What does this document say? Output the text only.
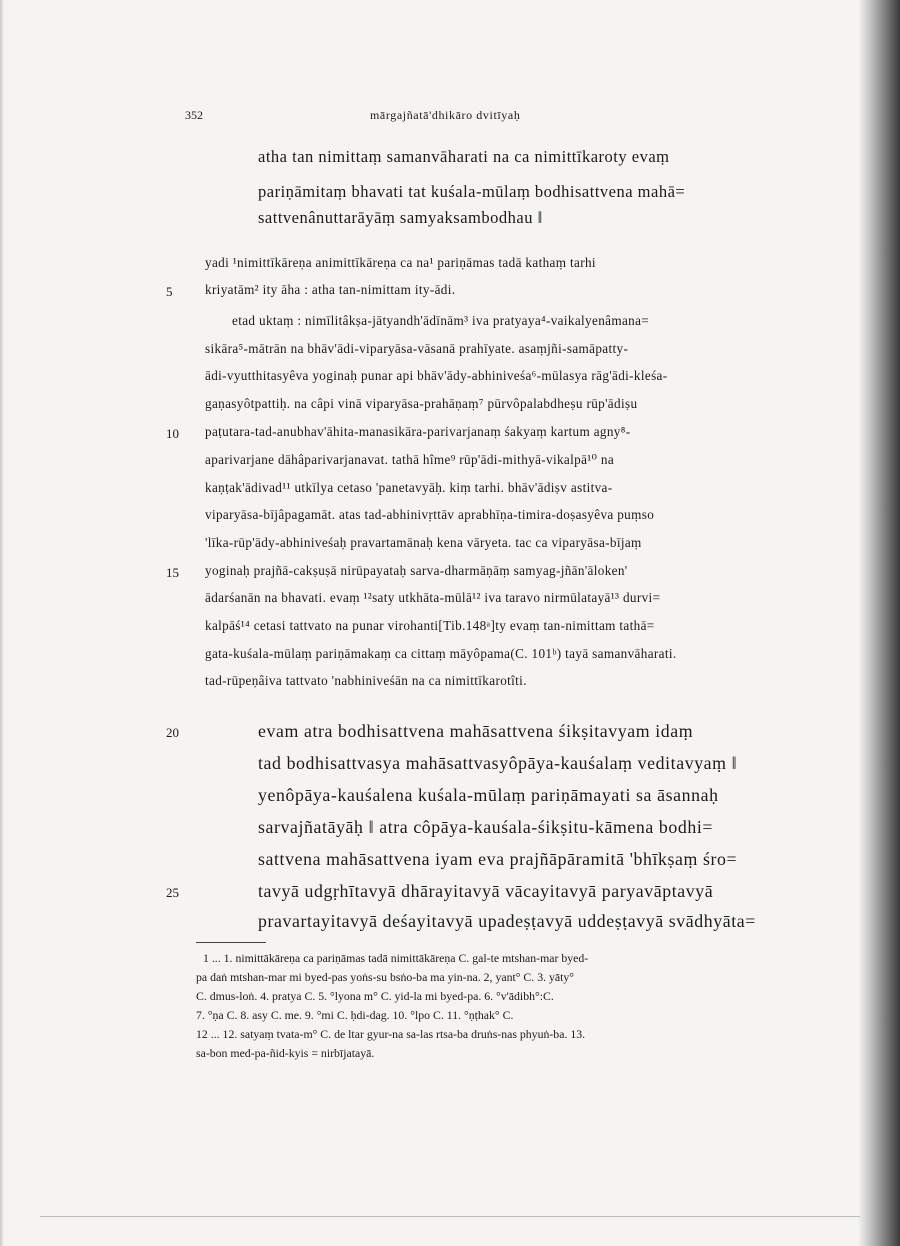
352	mārgajñatā'dhikāro dvitīyaḥ
atha tan nimittaṃ samanvāharati na ca nimittīkaroty evaṃ
pariṇāmitaṃ bhavati tat kuśala-mūlaṃ bodhisattvena mahā=
sattvenânuttarāyāṃ samyaksambodhau ‖
yadi ¹nimittīkāreṇa animittīkāreṇa ca na¹ pariṇāmas tadā kathaṃ tarhi
kriyatām² ity āha : atha tan-nimittam ity-ādi.
etad uktaṃ : nimīlitâkṣa-jātyandh'ādīnām³ iva pratyaya⁴-vaikalyenâmana=
sikāra⁵-mātrān na bhāv'ādi-viparyāsa-vāsanā prahīyate. asaṃjñi-samāpatty-
ādi-vyutthitasyêva yoginaḥ punar api bhāv'ādy-abhiniveśa⁶-mūlasya rāg'ādi-kleśa-
gaṇasyôtpattiḥ. na câpi vinā viparyāsa-prahāṇaṃ⁷ pūrvôpalabdheṣu rūp'ādiṣu
paṭutara-tad-anubhav'āhita-manasikāra-parivarjanaṃ śakyaṃ kartum agny⁸-
aparivarjane dāhâparivarjanavat. tathā hîme⁹ rūp'ādi-mithyā-vikalpā¹⁰ na
kaṇṭak'ādivad¹¹ utkīlya cetaso 'panetavyāḥ. kiṃ tarhi. bhāv'ādiṣv astitva-
viparyāsa-bījâpagamāt. atas tad-abhinivṛttāv aprabhīṇa-timira-doṣasyêva puṃso
'līka-rūp'ādy-abhiniveśaḥ pravartamānaḥ kena vāryeta. tac ca viparyāsa-bījaṃ
yoginaḥ prajñā-cakṣuṣā nirūpayataḥ sarva-dharmāṇāṃ samyag-jñān'āloken'
ādarśanān na bhavati. evaṃ ¹²saty utkhāta-mūlā¹² iva taravo nirmūlatayā¹³ durvi=
kalpāś¹⁴ cetasi tattvato na punar virohanti[Tib.148ᵃ]ty evaṃ tan-nimittam tathā=
gata-kuśala-mūlaṃ pariṇāmakaṃ ca cittaṃ māyôpama(C. 101ᵇ) tayā samanvāharati.
tad-rūpeṇâiva tattvato 'nabhiniveśān na ca nimittīkarotîti.
evam atra bodhisattvena mahāsattvena śikṣitavyam idaṃ
tad bodhisattvasya mahāsattvasyôpāya-kauśalaṃ veditavyaṃ ‖
yenôpāya-kauśalena kuśala-mūlaṃ pariṇāmayati sa āsannaḥ
sarvajñatāyāḥ ‖ atra côpāya-kauśala-śikṣitu-kāmena bodhi=
sattvena mahāsattvena iyam eva prajñāpāramitā 'bhīkṣaṃ śro=
tavyā udgṛhītavyā dhārayitavyā vācayitavyā paryavāptavyā
pravartayitavyā deśayitavyā upadeṣṭavyā uddeṣṭavyā svādhyāta=
5
10
15
20
25
1 ... 1. nimittākāreṇa ca pariṇāmas tadā nimittākāreṇa C. gal-te mtshan-mar byed-
pa daṅ mtshan-mar mi byed-pas yoṅs-su bsṅo-ba ma yin-na. 2, yant° C. 3. yāty°
C. dmus-loṅ. 4. pratya C. 5. °lyona m° C. yid-la mi byed-pa. 6. °v'ādibh°:C.
7. °ṇa C. 8. asy C. me. 9. °mi C. ḥdi-dag. 10. °lpo C. 11. °ṇṭhak° C.
12 ... 12. satyaṃ tvata-m° C. de ltar gyur-na sa-las rtsa-ba druṅs-nas phyuṅ-ba. 13.
sa-bon med-pa-ñid-kyis = nirbījatayā.
